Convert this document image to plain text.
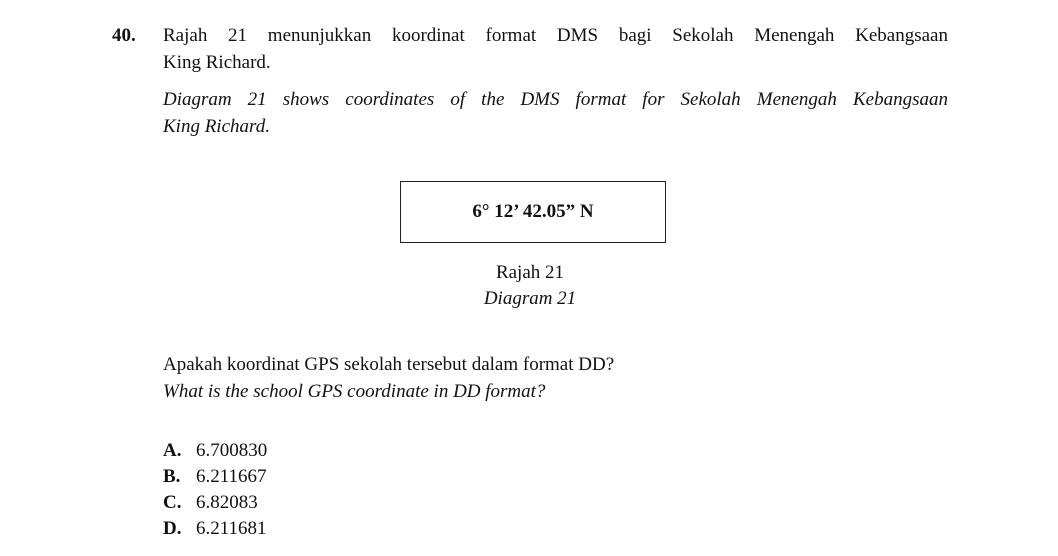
40. Rajah 21 menunjukkan koordinat format DMS bagi Sekolah Menengah Kebangsaan
King Richard.
Diagram 21 shows coordinates of the DMS format for Sekolah Menengah Kebangsaan
King Richard.
6° 12’ 42.05” N
Rajah 21
Diagram 21
Apakah koordinat GPS sekolah tersebut dalam format DD?
What is the school GPS coordinate in DD format?
A. 6.700830
B. 6.211667
C. 6.82083
D. 6.211681
